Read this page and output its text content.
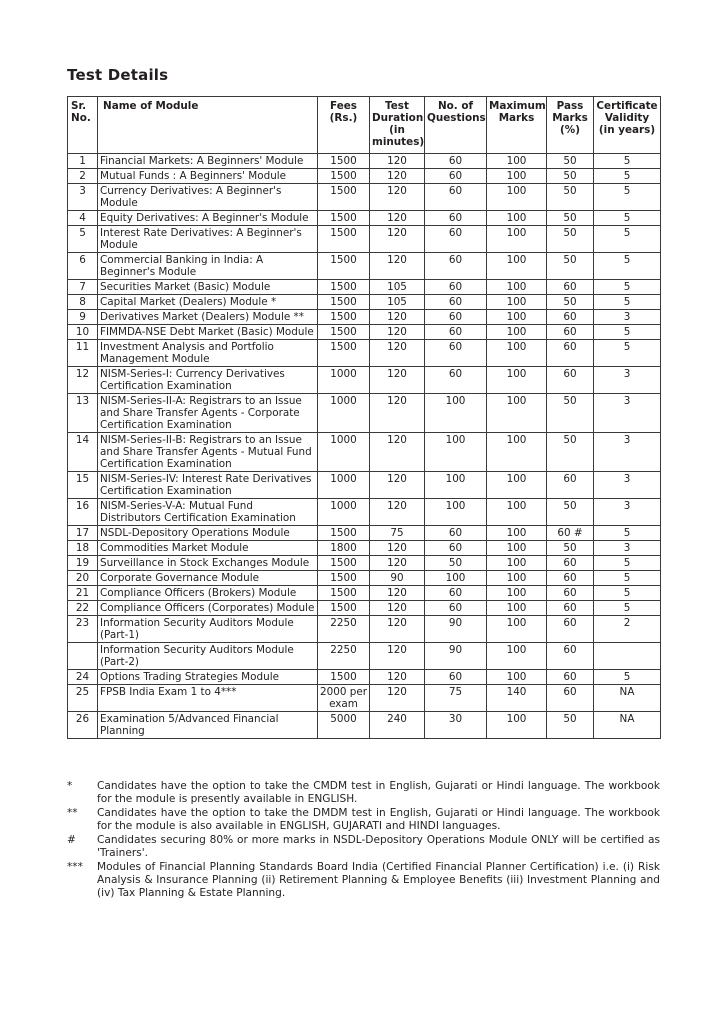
Test Details
Sr. No.	Name of Module	Fees (Rs.)	Test Duration (in minutes)	No. of Questions	Maximum Marks	Pass Marks (%)	Certificate Validity (in years)
1	Financial Markets: A Beginners' Module	1500	120	60	100	50	5
2	Mutual Funds : A Beginners' Module	1500	120	60	100	50	5
3	Currency Derivatives: A Beginner's Module	1500	120	60	100	50	5
4	Equity Derivatives: A Beginner's Module	1500	120	60	100	50	5
5	Interest Rate Derivatives: A Beginner's Module	1500	120	60	100	50	5
6	Commercial Banking in India: A Beginner's Module	1500	120	60	100	50	5
7	Securities Market (Basic) Module	1500	105	60	100	60	5
8	Capital Market (Dealers) Module *	1500	105	60	100	50	5
9	Derivatives Market (Dealers) Module **	1500	120	60	100	60	3
10	FIMMDA-NSE Debt Market (Basic) Module	1500	120	60	100	60	5
11	Investment Analysis and Portfolio Management Module	1500	120	60	100	60	5
12	NISM-Series-I: Currency Derivatives Certification Examination	1000	120	60	100	60	3
13	NISM-Series-II-A: Registrars to an Issue and Share Transfer Agents - Corporate Certification Examination	1000	120	100	100	50	3
14	NISM-Series-II-B: Registrars to an Issue and Share Transfer Agents - Mutual Fund Certification Examination	1000	120	100	100	50	3
15	NISM-Series-IV: Interest Rate Derivatives Certification Examination	1000	120	100	100	60	3
16	NISM-Series-V-A: Mutual Fund Distributors Certification Examination	1000	120	100	100	50	3
17	NSDL-Depository Operations Module	1500	75	60	100	60 #	5
18	Commodities Market Module	1800	120	60	100	50	3
19	Surveillance in Stock Exchanges Module	1500	120	50	100	60	5
20	Corporate Governance Module	1500	90	100	100	60	5
21	Compliance Officers (Brokers) Module	1500	120	60	100	60	5
22	Compliance Officers (Corporates) Module	1500	120	60	100	60	5
23	Information Security Auditors Module (Part-1)	2250	120	90	100	60	2
	Information Security Auditors Module (Part-2)	2250	120	90	100	60	
24	Options Trading Strategies Module	1500	120	60	100	60	5
25	FPSB India Exam 1 to 4***	2000 per exam	120	75	140	60	NA
26	Examination 5/Advanced Financial Planning	5000	240	30	100	50	NA
*	Candidates have the option to take the CMDM test in English, Gujarati or Hindi language. The workbook for the module is presently available in ENGLISH.
**	Candidates have the option to take the DMDM test in English, Gujarati or Hindi language. The workbook for the module is also available in ENGLISH, GUJARATI and HINDI languages.
#	Candidates securing 80% or more marks in NSDL-Depository Operations Module ONLY will be certified as 'Trainers'.
***	Modules of Financial Planning Standards Board India (Certified Financial Planner Certification) i.e. (i) Risk Analysis & Insurance Planning (ii) Retirement Planning & Employee Benefits (iii) Investment Planning and (iv) Tax Planning & Estate Planning.
